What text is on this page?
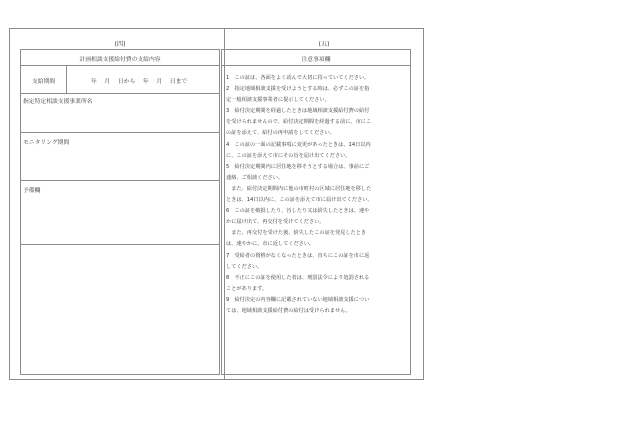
(四)
計画相談支援給付費の支給内容
支給期間	年　 月 　日から 　年　 月 　日まで
指定特定相談支援事業所名
モニタリング期間
予備欄
(五)
注意事項欄
1　この証は、各面をよく読んで大切に持っていてください。
2　指定地域相談支援を受けようとする時は、必ずこの証を指
定一般相談支援事業者に提示してください。
3　給付決定期間を経過したときは地域相談支援給付費の給付
を受けられませんので、給付決定期間を経過する前に、市にこ
の証を添えて、給付の再申請をしてください。
4　この証の一面の記載事項に変更があったときは、14日以内
に、この証を添えて市にその旨を届け出てください。
5　給付決定期間内に居住地を移そうとする場合は、事前にご
連絡、ご相談ください。
　また、給付決定期間内に他の市町村の区域に居住地を移した
ときは、14日以内に、この証を添えて市に届け出てください。
6　この証を破損したり、汚したり又は紛失したときは、速や
かに届け出て、再交付を受けてください。
　また、再交付を受けた後、紛失したこの証を発見したとき
は、速やかに、市に返してください。
7　受給者の資格がなくなったときは、直ちにこの証を市に返
してください。
8　不正にこの証を使用した者は、刑罰法令により処罰される
ことがあります。
9　給付決定の内容欄に記載されていない地域相談支援につい
ては、地域相談支援給付費の給付は受けられません。
